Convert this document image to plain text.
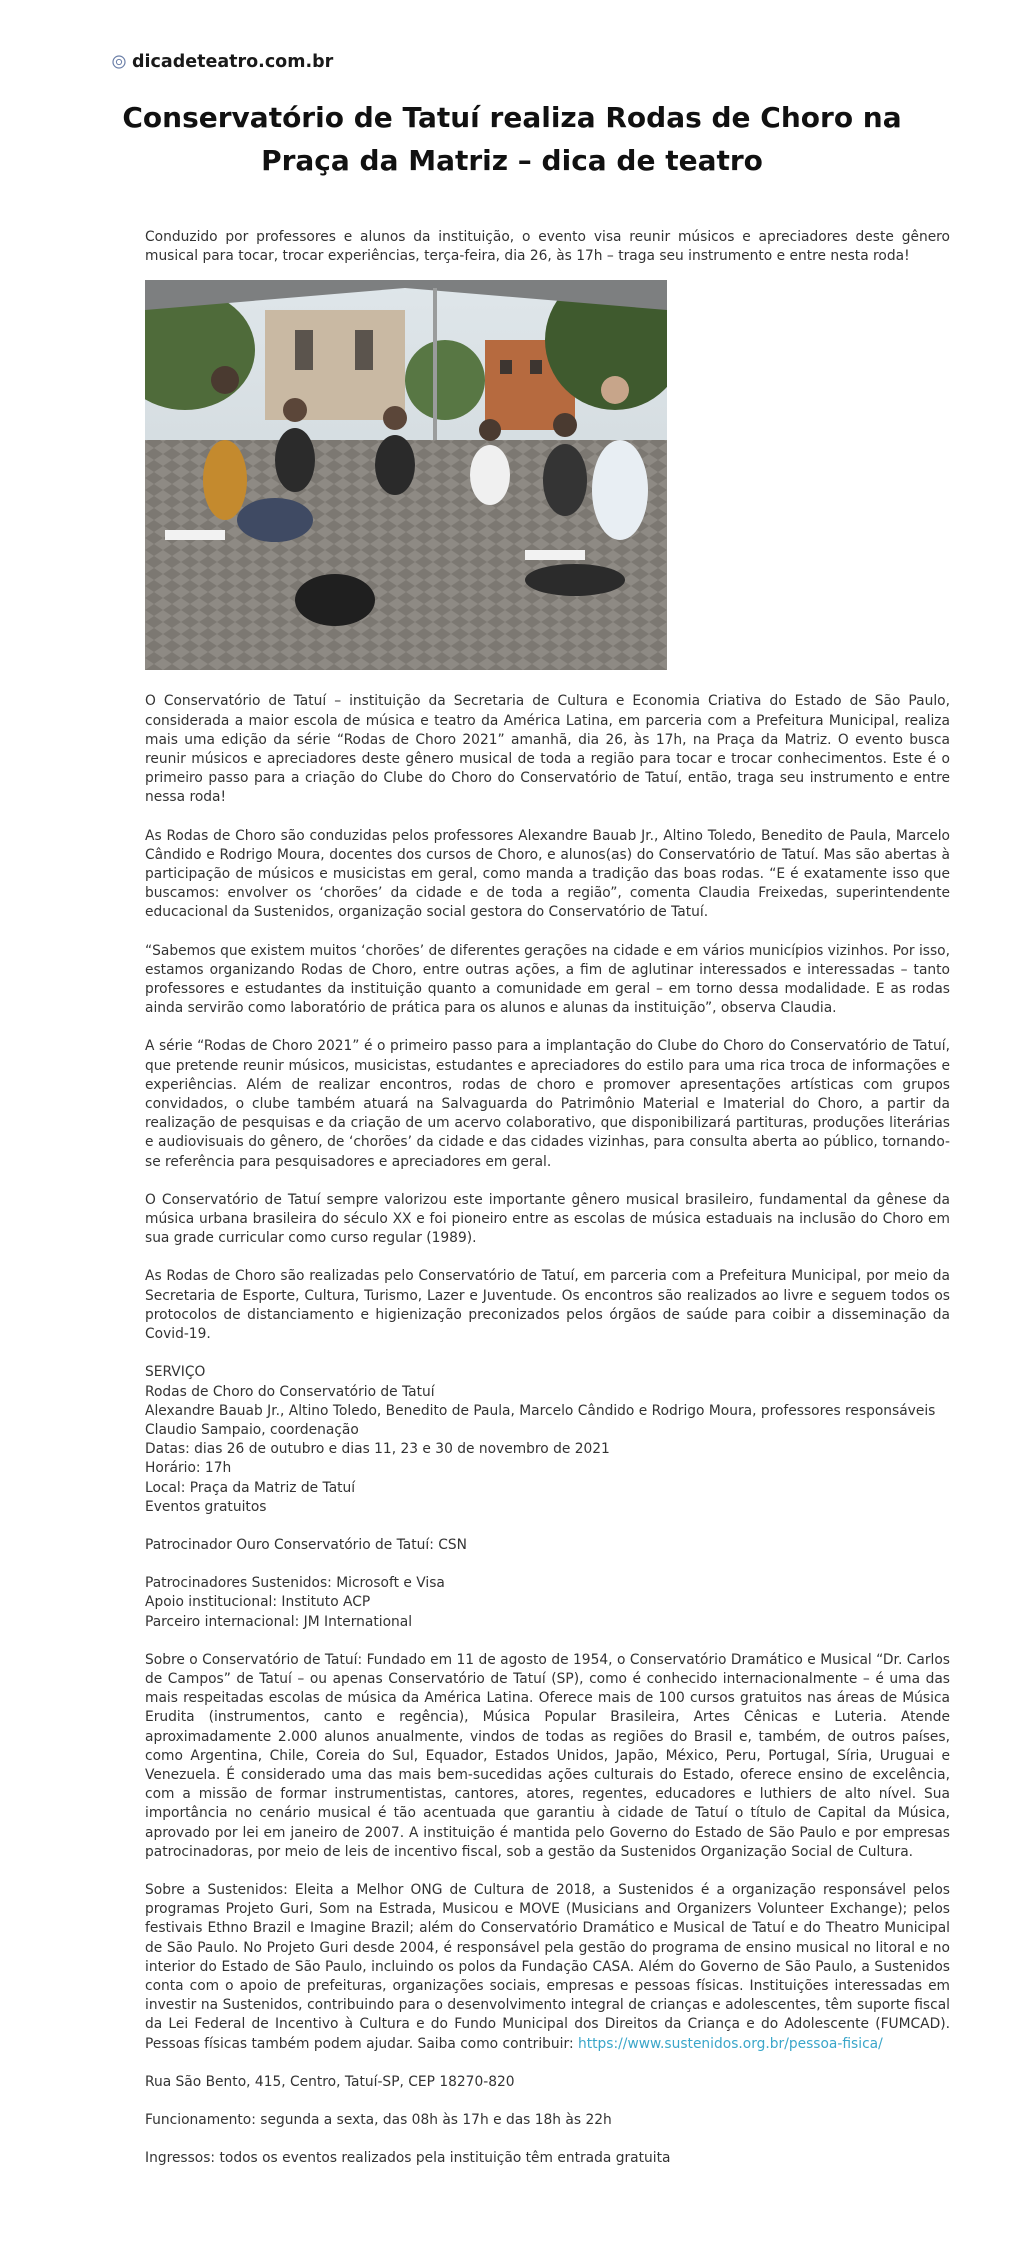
dicadeteatro.com.br
Conservatório de Tatuí realiza Rodas de Choro na Praça da Matriz – dica de teatro

Conduzido por professores e alunos da instituição, o evento visa reunir músicos e apreciadores deste gênero musical para tocar, trocar experiências, terça-feira, dia 26, às 17h – traga seu instrumento e entre nesta roda!

O Conservatório de Tatuí – instituição da Secretaria de Cultura e Economia Criativa do Estado de São Paulo, considerada a maior escola de música e teatro da América Latina, em parceria com a Prefeitura Municipal, realiza mais uma edição da série “Rodas de Choro 2021” amanhã, dia 26, às 17h, na Praça da Matriz. O evento busca reunir músicos e apreciadores deste gênero musical de toda a região para tocar e trocar conhecimentos. Este é o primeiro passo para a criação do Clube do Choro do Conservatório de Tatuí, então, traga seu instrumento e entre nessa roda!

As Rodas de Choro são conduzidas pelos professores Alexandre Bauab Jr., Altino Toledo, Benedito de Paula, Marcelo Cândido e Rodrigo Moura, docentes dos cursos de Choro, e alunos(as) do Conservatório de Tatuí. Mas são abertas à participação de músicos e musicistas em geral, como manda a tradição das boas rodas. “E é exatamente isso que buscamos: envolver os ‘chorões’ da cidade e de toda a região”, comenta Claudia Freixedas, superintendente educacional da Sustenidos, organização social gestora do Conservatório de Tatuí.

“Sabemos que existem muitos ‘chorões’ de diferentes gerações na cidade e em vários municípios vizinhos. Por isso, estamos organizando Rodas de Choro, entre outras ações, a fim de aglutinar interessados e interessadas – tanto professores e estudantes da instituição quanto a comunidade em geral – em torno dessa modalidade. E as rodas ainda servirão como laboratório de prática para os alunos e alunas da instituição”, observa Claudia.

A série “Rodas de Choro 2021” é o primeiro passo para a implantação do Clube do Choro do Conservatório de Tatuí, que pretende reunir músicos, musicistas, estudantes e apreciadores do estilo para uma rica troca de informações e experiências. Além de realizar encontros, rodas de choro e promover apresentações artísticas com grupos convidados, o clube também atuará na Salvaguarda do Patrimônio Material e Imaterial do Choro, a partir da realização de pesquisas e da criação de um acervo colaborativo, que disponibilizará partituras, produções literárias e audiovisuais do gênero, de ‘chorões’ da cidade e das cidades vizinhas, para consulta aberta ao público, tornando-se referência para pesquisadores e apreciadores em geral.

O Conservatório de Tatuí sempre valorizou este importante gênero musical brasileiro, fundamental da gênese da música urbana brasileira do século XX e foi pioneiro entre as escolas de música estaduais na inclusão do Choro em sua grade curricular como curso regular (1989).

As Rodas de Choro são realizadas pelo Conservatório de Tatuí, em parceria com a Prefeitura Municipal, por meio da Secretaria de Esporte, Cultura, Turismo, Lazer e Juventude. Os encontros são realizados ao livre e seguem todos os protocolos de distanciamento e higienização preconizados pelos órgãos de saúde para coibir a disseminação da Covid-19.

SERVIÇO
Rodas de Choro do Conservatório de Tatuí
Alexandre Bauab Jr., Altino Toledo, Benedito de Paula, Marcelo Cândido e Rodrigo Moura, professores responsáveis
Claudio Sampaio, coordenação
Datas: dias 26 de outubro e dias 11, 23 e 30 de novembro de 2021
Horário: 17h
Local: Praça da Matriz de Tatuí
Eventos gratuitos

Patrocinador Ouro Conservatório de Tatuí: CSN

Patrocinadores Sustenidos: Microsoft e Visa
Apoio institucional: Instituto ACP
Parceiro internacional: JM International

Sobre o Conservatório de Tatuí: Fundado em 11 de agosto de 1954, o Conservatório Dramático e Musical “Dr. Carlos de Campos” de Tatuí – ou apenas Conservatório de Tatuí (SP), como é conhecido internacionalmente – é uma das mais respeitadas escolas de música da América Latina. Oferece mais de 100 cursos gratuitos nas áreas de Música Erudita (instrumentos, canto e regência), Música Popular Brasileira, Artes Cênicas e Luteria. Atende aproximadamente 2.000 alunos anualmente, vindos de todas as regiões do Brasil e, também, de outros países, como Argentina, Chile, Coreia do Sul, Equador, Estados Unidos, Japão, México, Peru, Portugal, Síria, Uruguai e Venezuela. É considerado uma das mais bem-sucedidas ações culturais do Estado, oferece ensino de excelência, com a missão de formar instrumentistas, cantores, atores, regentes, educadores e luthiers de alto nível. Sua importância no cenário musical é tão acentuada que garantiu à cidade de Tatuí o título de Capital da Música, aprovado por lei em janeiro de 2007. A instituição é mantida pelo Governo do Estado de São Paulo e por empresas patrocinadoras, por meio de leis de incentivo fiscal, sob a gestão da Sustenidos Organização Social de Cultura.

Sobre a Sustenidos: Eleita a Melhor ONG de Cultura de 2018, a Sustenidos é a organização responsável pelos programas Projeto Guri, Som na Estrada, Musicou e MOVE (Musicians and Organizers Volunteer Exchange); pelos festivais Ethno Brazil e Imagine Brazil; além do Conservatório Dramático e Musical de Tatuí e do Theatro Municipal de São Paulo. No Projeto Guri desde 2004, é responsável pela gestão do programa de ensino musical no litoral e no interior do Estado de São Paulo, incluindo os polos da Fundação CASA. Além do Governo de São Paulo, a Sustenidos conta com o apoio de prefeituras, organizações sociais, empresas e pessoas físicas. Instituições interessadas em investir na Sustenidos, contribuindo para o desenvolvimento integral de crianças e adolescentes, têm suporte fiscal da Lei Federal de Incentivo à Cultura e do Fundo Municipal dos Direitos da Criança e do Adolescente (FUMCAD). Pessoas físicas também podem ajudar. Saiba como contribuir: https://www.sustenidos.org.br/pessoa-fisica/

Rua São Bento, 415, Centro, Tatuí-SP, CEP 18270-820

Funcionamento: segunda a sexta, das 08h às 17h e das 18h às 22h

Ingressos: todos os eventos realizados pela instituição têm entrada gratuita
